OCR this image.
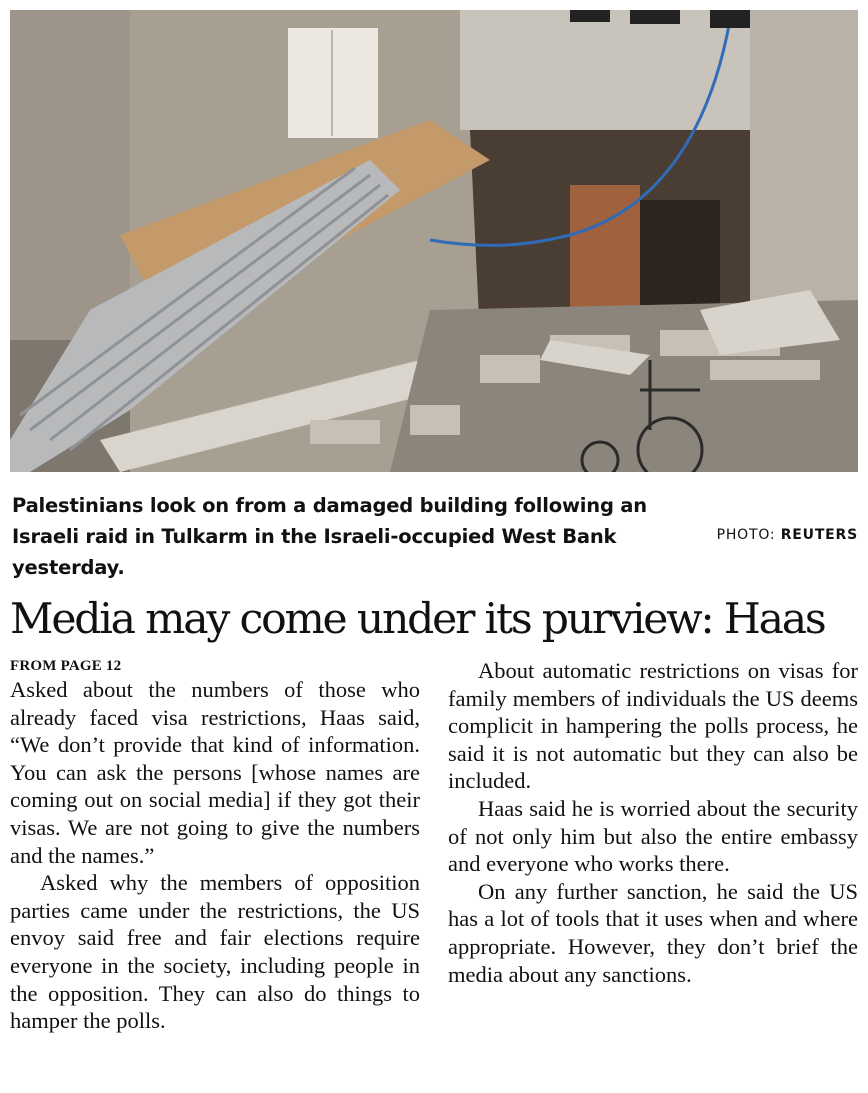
Palestinians look on from a damaged building following an Israeli raid in Tulkarm in the Israeli-occupied West Bank yesterday.
PHOTO: REUTERS
Media may come under its purview: Haas
FROM PAGE 12

Asked about the numbers of those who already faced visa restrictions, Haas said, “We don’t provide that kind of information. You can ask the persons [whose names are coming out on social media] if they got their visas. We are not going to give the numbers and the names.”

Asked why the members of opposition parties came under the restrictions, the US envoy said free and fair elections require everyone in the society, including people in the opposition. They can also do things to hamper the polls.

About automatic restrictions on visas for family members of individuals the US deems complicit in hampering the polls process, he said it is not automatic but they can also be included.

Haas said he is worried about the security of not only him but also the entire embassy and everyone who works there.

On any further sanction, he said the US has a lot of tools that it uses when and where appropriate. However, they don’t brief the media about any sanctions.
